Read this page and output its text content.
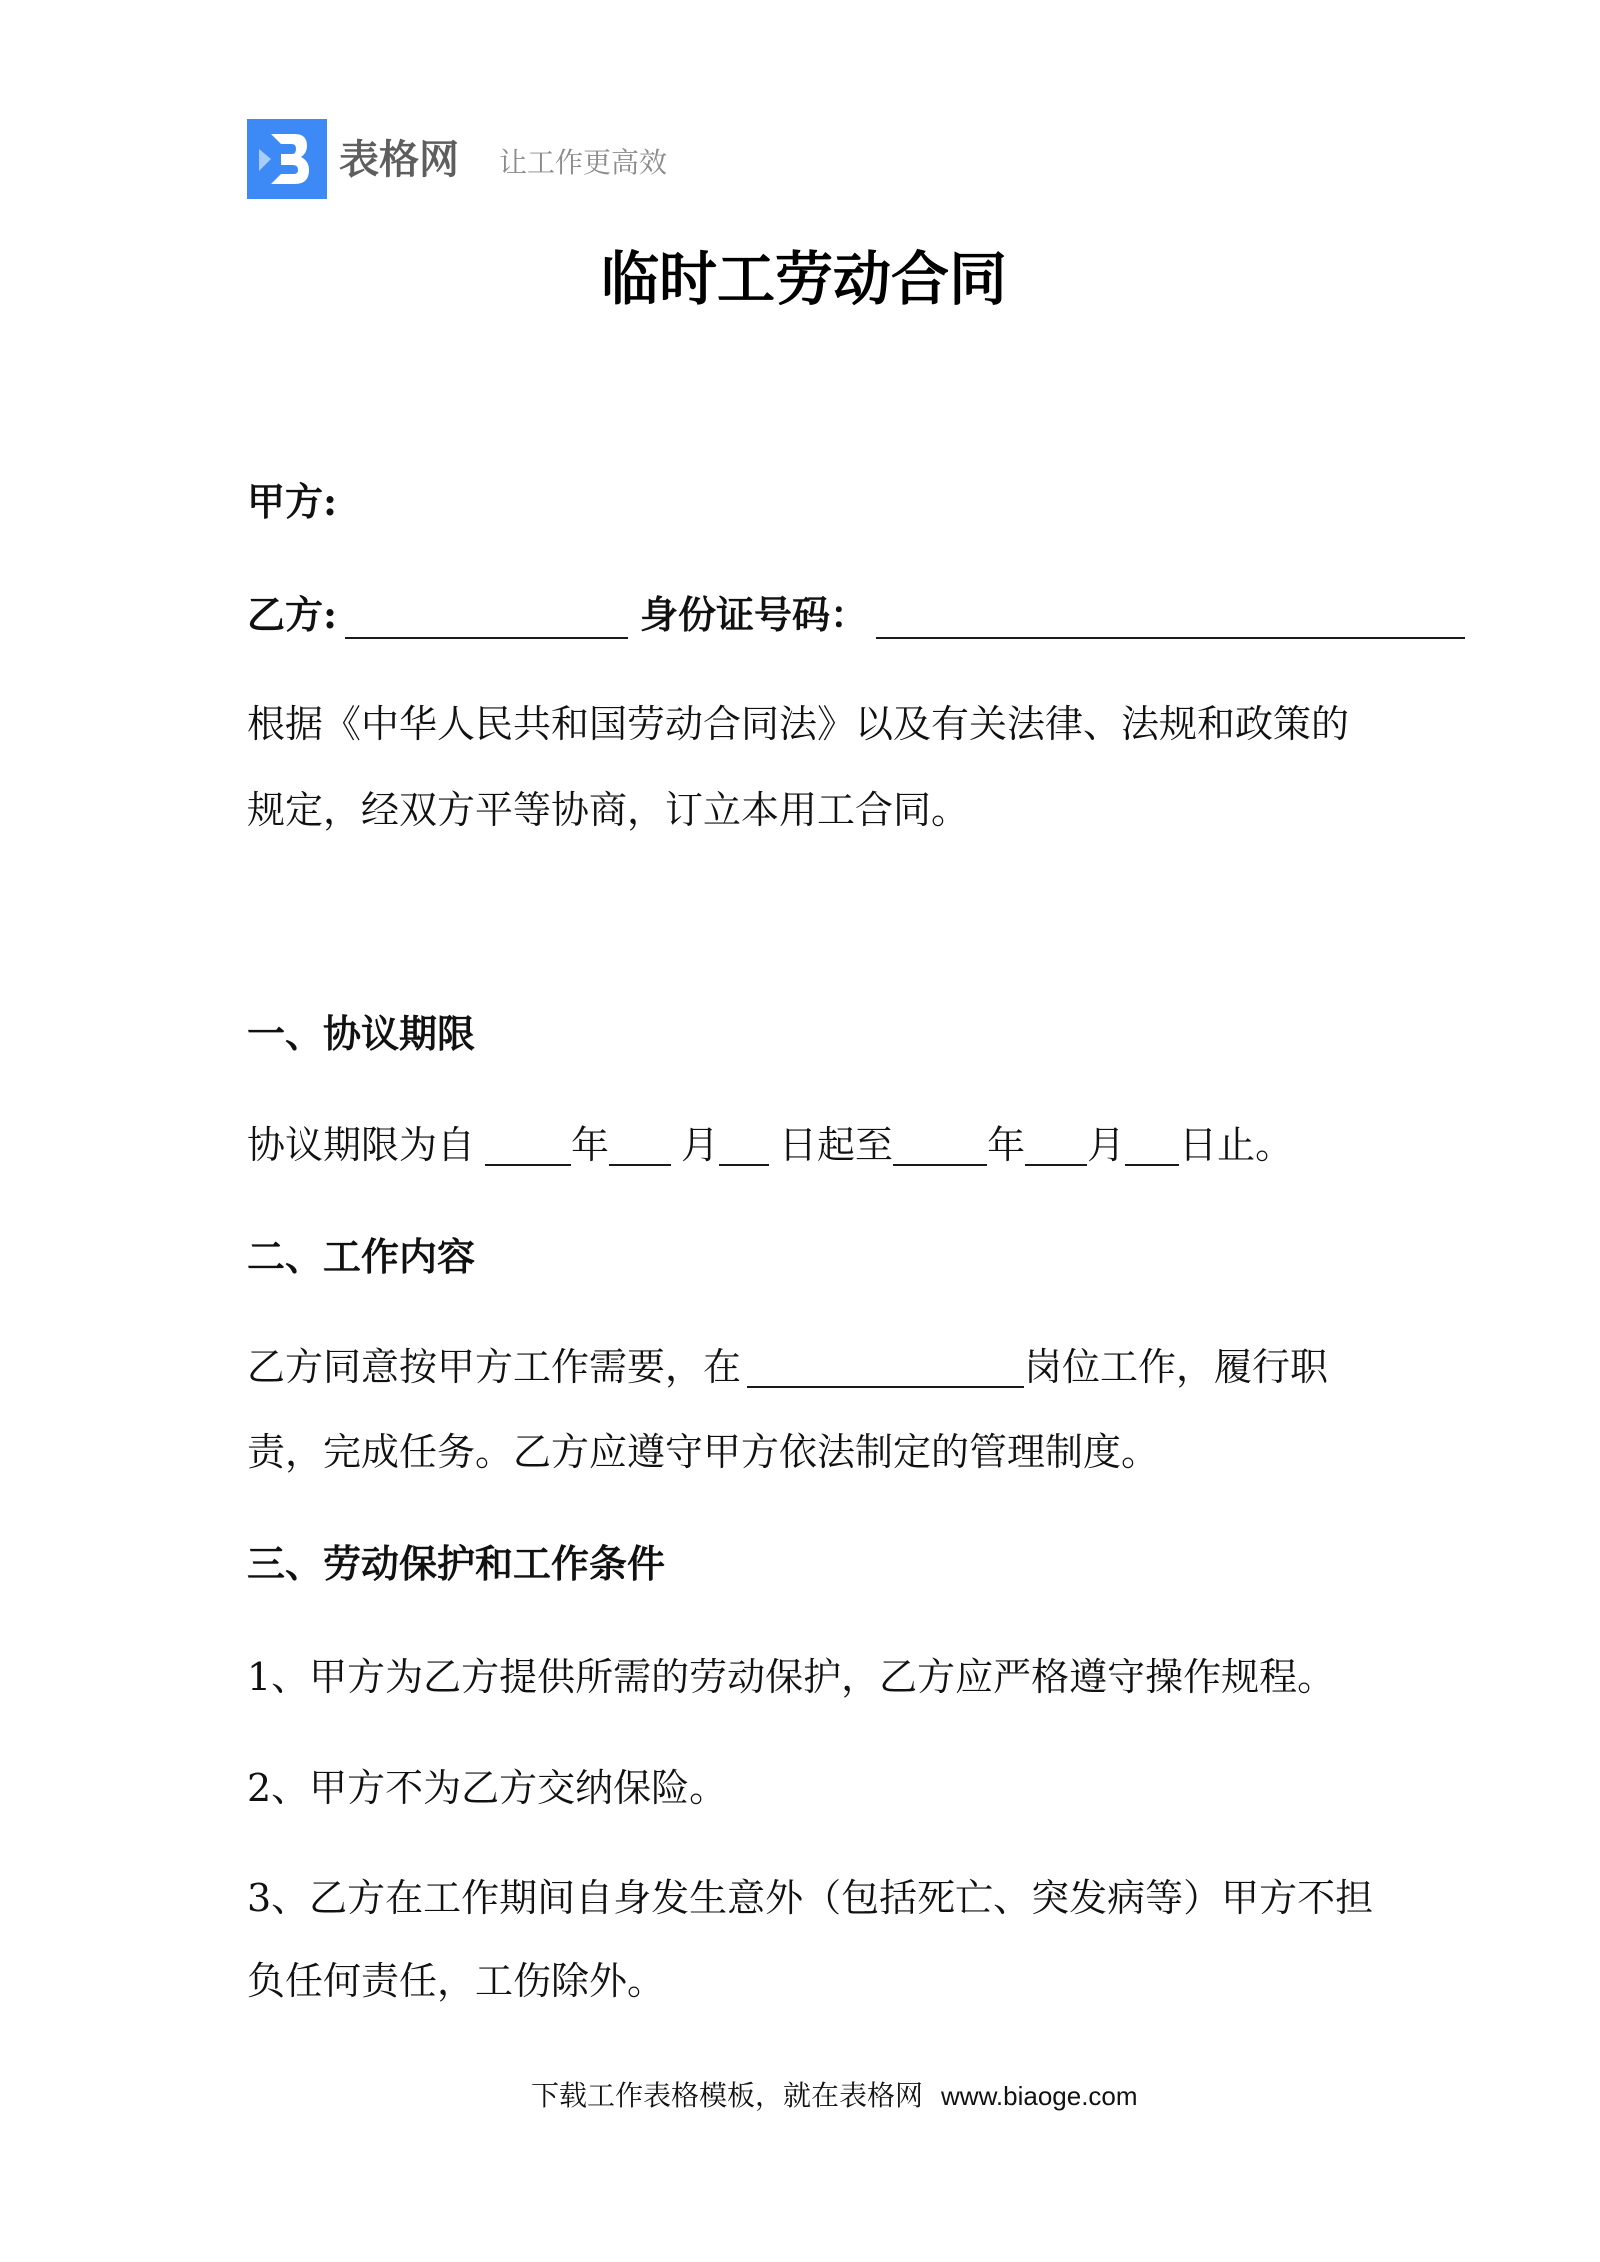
表格网 让工作更高效
临时工劳动合同
甲方:
乙方:	身份证号码：
根据《中华人民共和国劳动合同法》以及有关法律、法规和政策的
规定，经双方平等协商，订立本用工合同。
一、协议期限
协议期限为自	年 月 日起至 年 月 日止。
二、工作内容
乙方同意按甲方工作需要，在	岗位工作，履行职
责，完成任务。乙方应遵守甲方依法制定的管理制度。
三、劳动保护和工作条件
1、甲方为乙方提供所需的劳动保护，乙方应严格遵守操作规程。
2、甲方不为乙方交纳保险。
3、乙方在工作期间自身发生意外（包括死亡、突发病等）甲方不担
负任何责任，工伤除外。
下载工作表格模板，就在表格网 www.biaoge.com
